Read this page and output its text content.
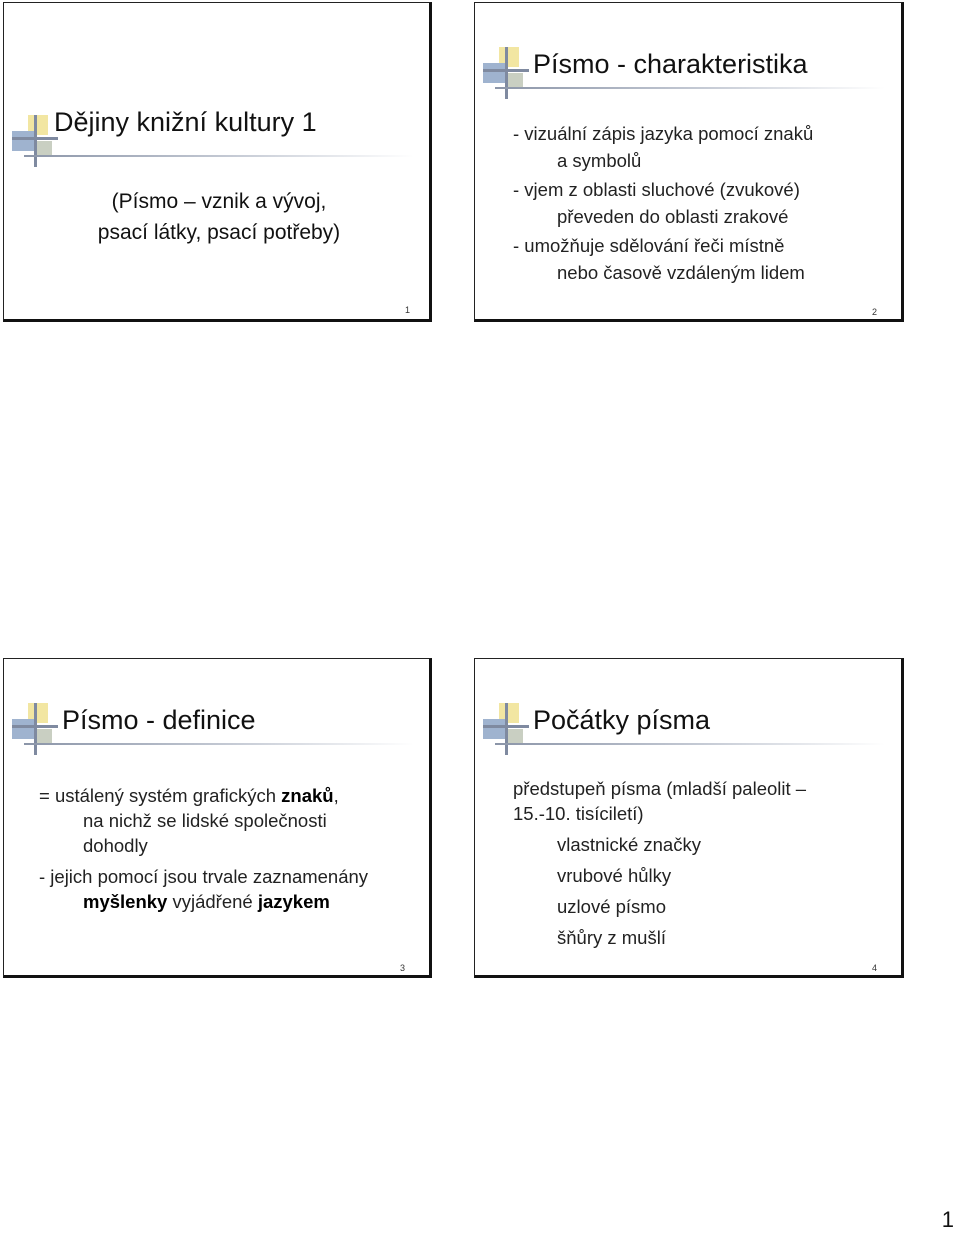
Dějiny knižní kultury 1
(Písmo – vznik a vývoj,
psací látky, psací potřeby)
1
Písmo - charakteristika
- vizuální zápis jazyka pomocí znaků
a symbolů
- vjem z oblasti sluchové (zvukové)
převeden do oblasti zrakové
- umožňuje sdělování řeči místně
nebo časově vzdáleným lidem
2
Písmo - definice
= ustálený systém grafických znaků,
na nichž se lidské společnosti
dohodly
- jejich pomocí jsou trvale zaznamenány
myšlenky vyjádřené jazykem
3
Počátky písma
předstupeň písma (mladší paleolit –
15.-10. tisíciletí)
vlastnické značky
vrubové hůlky
uzlové písmo
šňůry z mušlí
4
1
